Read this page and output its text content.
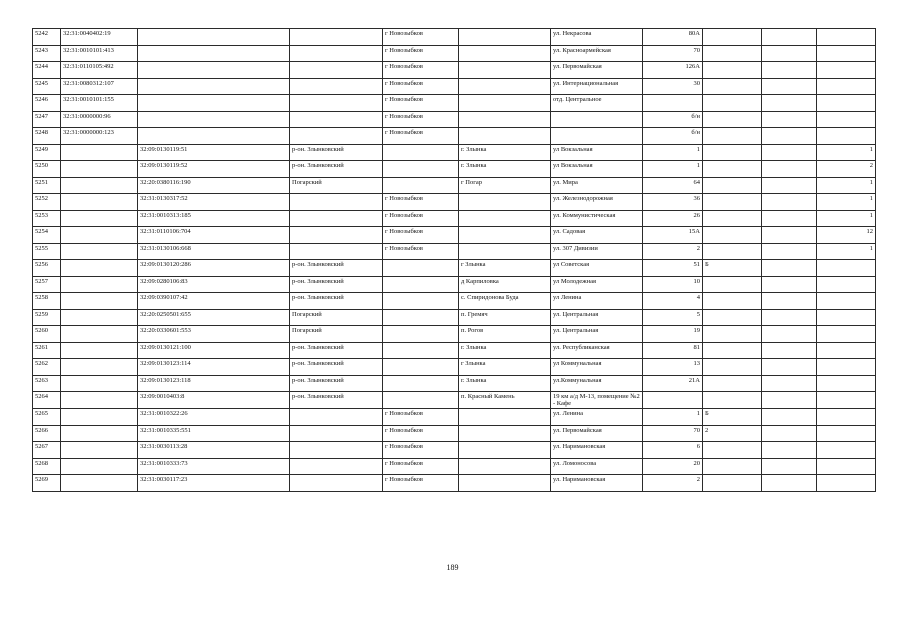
5242	32:31:0040402:19			г Новозыбков		ул. Некрасова	80А			
5243	32:31:0010101:413			г Новозыбков		ул. Красноармейская	70			
5244	32:31:0110105:492			г Новозыбков		ул. Первомайская	126А			
5245	32:31:0080312:107			г Новозыбков		ул. Интернациональная	30			
5246	32:31:0010101:155			г Новозыбков		отд. Центральное				
5247	32:31:0000000:96			г Новозыбков			б/н			
5248	32:31:0000000:123			г Новозыбков			б/н			
5249		32:09:0130119:51	р-он. Злынковский		г. Злынка	ул Вокзальная	1			1
5250		32:09:0130119:52	р-он. Злынковский		г. Злынка	ул Вокзальная	1			2
5251		32:20:0380116:190	Погарский		г Погар	ул. Мира	64			1
5252		32:31:0130317:52		г Новозыбков		ул. Железнодорожная	36			1
5253		32:31:0010313:185		г Новозыбков		ул. Коммунистическая	26			1
5254		32:31:0110106:704		г Новозыбков		ул. Садовая	15А			12
5255		32:31:0130106:668		г Новозыбков		ул. 307 Дивизии	2			1
5256		32:09:0130120:286	р-он. Злынковский		г Злынка	ул Советская	51	Б		
5257		32:09:0280106:83	р-он. Злынковский		д Карпиловка	ул Молодежная	10			
5258		32:09:0390107:42	р-он. Злынковский		с. Спиридонова Буда	ул Ленина	4			
5259		32:20:0250501:655	Погарский		п. Гремяч	ул. Центральная	5			
5260		32:20:0330601:553	Погарский		п. Рогов	ул. Центральная	19			
5261		32:09:0130121:100	р-он. Злынковский		г. Злынка	ул. Республиканская	81			
5262		32:09:0130123:114	р-он. Злынковский		г Злынка	ул Коммунальная	13			
5263		32:09:0130123:118	р-он. Злынковский		г. Злынка	ул.Коммунальная	21А			
5264		32:09:0010403:8	р-он. Злынковский		п. Красный Камень	19 км а/д М-13, помещение №2 - Кафе				
5265		32:31:0010322:26		г Новозыбков		ул. Ленина	1	Б		
5266		32:31:0010335:551		г Новозыбков		ул. Первомайская	70	2		
5267		32:31:0030113:28		г Новозыбков		ул. Наримановская	6			
5268		32:31:0010333:73		г Новозыбков		ул. Ломоносова	20			
5269		32:31:0030117:23		г Новозыбков		ул. Наримановская	2			
189
